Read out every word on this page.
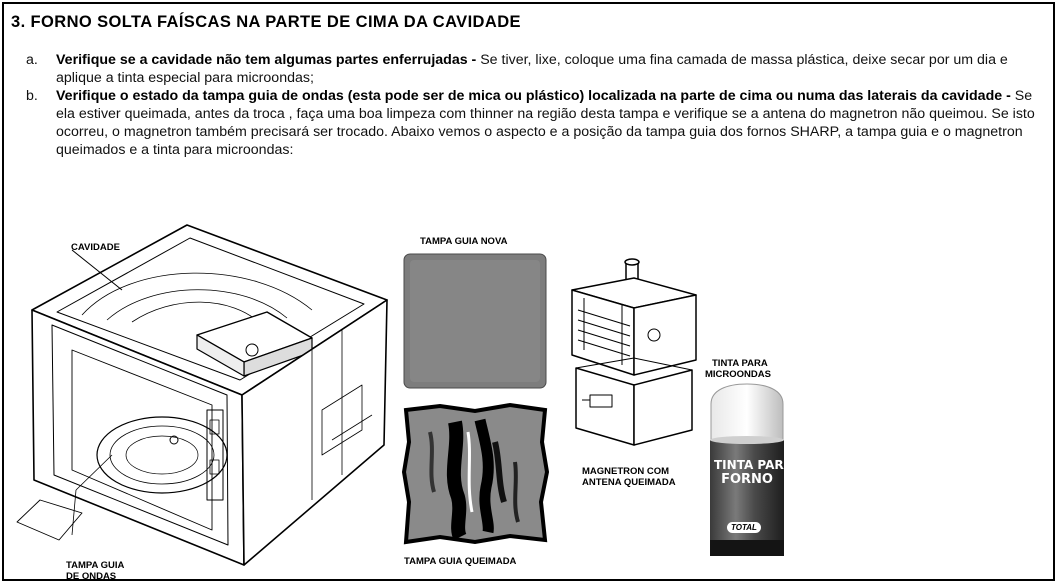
3. FORNO SOLTA FAÍSCAS NA PARTE DE CIMA DA CAVIDADE

a. Verifique se a cavidade não tem algumas partes enferrujadas - Se tiver, lixe, coloque uma fina camada de massa plástica, deixe secar por um dia e aplique a tinta especial para microondas;

b. Verifique o estado da tampa guia de ondas (esta pode ser de mica ou plástico) localizada na parte de cima ou numa das laterais da cavidade - Se ela estiver queimada, antes da troca , faça uma boa limpeza com thinner na região desta tampa e verifique se a antena do magnetron não queimou. Se isto ocorreu, o magnetron também precisará ser trocado. Abaixo vemos o aspecto e a posição da tampa guia dos fornos SHARP, a tampa guia e o magnetron queimados e a tinta para microondas:

CAVIDADE
TAMPA GUIA
DE ONDAS
TAMPA GUIA NOVA
TAMPA GUIA QUEIMADA
MAGNETRON COM
ANTENA QUEIMADA
TINTA PARA
MICROONDAS
TINTA PARA
FORNO
TOTAL
